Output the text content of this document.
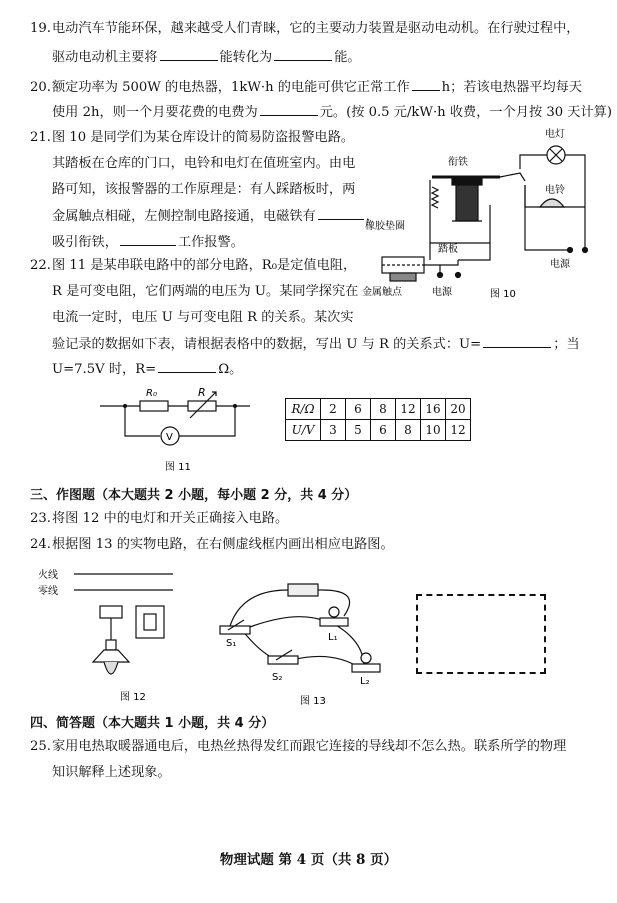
19.电动汽车节能环保，越来越受人们青睐，它的主要动力装置是驱动电动机。在行驶过程中，
驱动电动机主要将	能转化为	能。
20.额定功率为 500W 的电热器，1kW·h 的电能可供它正常工作 h；若该电热器平均每天
使用 2h，则一个月要花费的电费为	元。(按 0.5 元/kW·h 收费，一个月按 30 天计算)
21.图 10 是同学们为某仓库设计的简易防盗报警电路。
其踏板在仓库的门口，电铃和电灯在值班室内。由电
路可知，该报警器的工作原理是：有人踩踏板时，两
金属触点相碰，左侧控制电路接通，电磁铁有	，
吸引衔铁，	工作报警。
衔铁
电灯
电铃
橡胶垫圈
踏板
金属触点	电源
电源
图 10
22.图 11 是某串联电路中的部分电路，R₀是定值电阻，
R 是可变电阻，它们两端的电压为 U。某同学探究在
电流一定时，电压 U 与可变电阻 R 的关系。某次实
验记录的数据如下表，请根据表格中的数据，写出 U 与 R 的关系式：U=	；当
U=7.5V 时，R=	Ω。
R₀	R
V
图 11
R/Ω	2	6	8	12	16	20
U/V	3	5	6	8	10	12
三、作图题（本大题共 2 小题，每小题 2 分，共 4 分）
23.将图 12 中的电灯和开关正确接入电路。
24.根据图 13 的实物电路，在右侧虚线框内画出相应电路图。
火线
零线
图 12
S₁
L₁
S₂	L₂
图 13
四、简答题（本大题共 1 小题，共 4 分）
25.家用电热取暖器通电后，电热丝热得发红而跟它连接的导线却不怎么热。联系所学的物理
知识解释上述现象。
物理试题 第 4 页（共 8 页）
